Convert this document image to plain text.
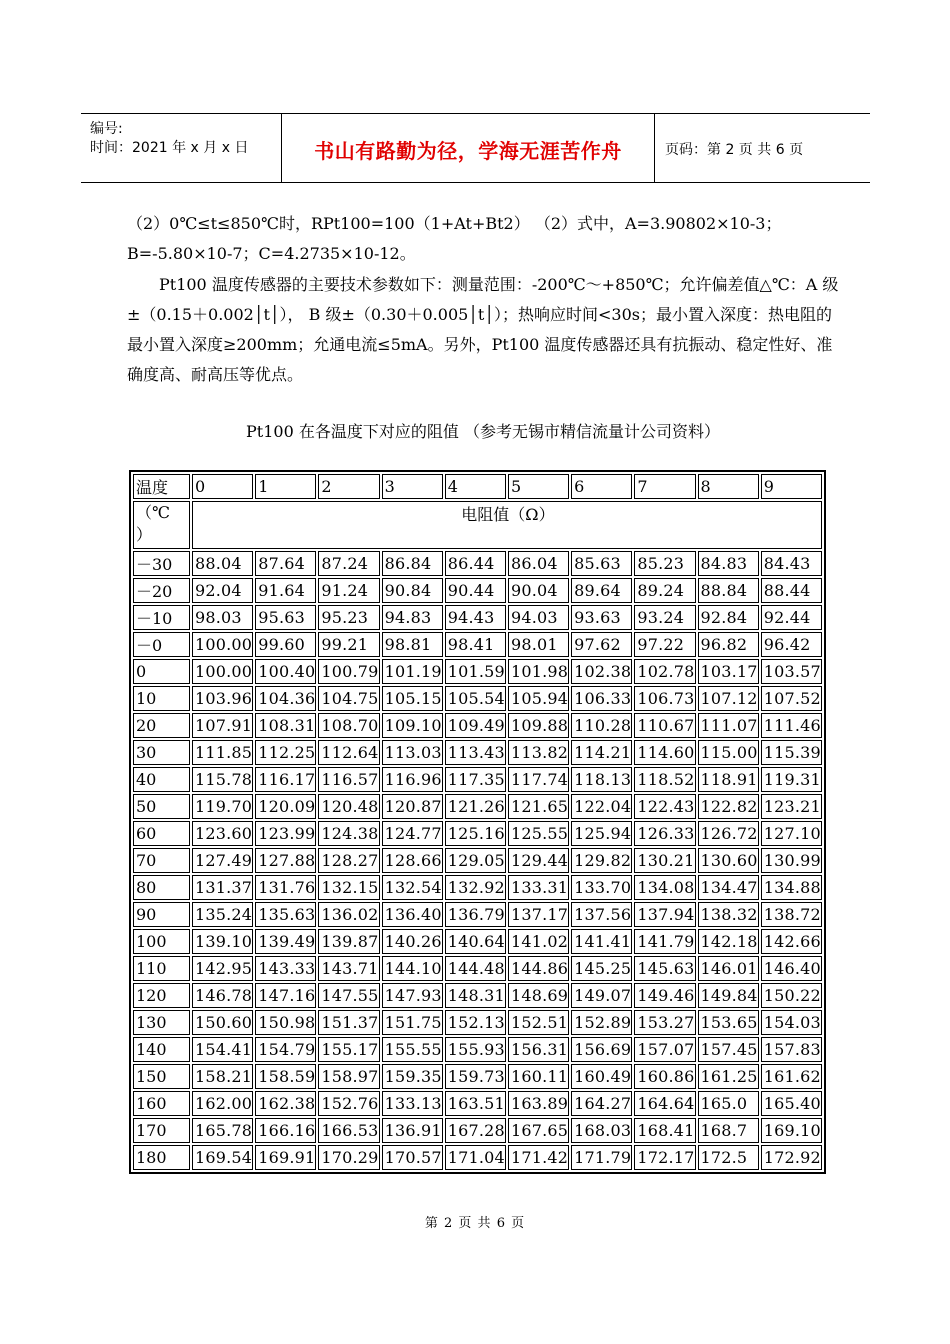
编号:
时间：2021 年 x 月 x 日	书山有路勤为径，学海无涯苦作舟	页码：第 2 页 共 6 页
（2）0℃≤t≤850℃时，RPt100=100（1+At+Bt2） （2）式中，A=3.90802×10-3；B=-5.80×10-7；C=4.2735×10-12。
Pt100 温度传感器的主要技术参数如下：测量范围：-200℃～+850℃；允许偏差值△℃：A 级±（0.15＋0.002│t│）， B 级±（0.30＋0.005│t│）；热响应时间<30s；最小置入深度：热电阻的最小置入深度≥200mm；允通电流≤5mA。另外，Pt100 温度传感器还具有抗振动、稳定性好、准确度高、耐高压等优点。
Pt100 在各温度下对应的阻值 （参考无锡市精信流量计公司资料）
温度	0	1	2	3	4	5	6	7	8	9
（℃
）	电阻值（Ω）									
－30	88.04	87.64	87.24	86.84	86.44	86.04	85.63	85.23	84.83	84.43
－20	92.04	91.64	91.24	90.84	90.44	90.04	89.64	89.24	88.84	88.44
－10	98.03	95.63	95.23	94.83	94.43	94.03	93.63	93.24	92.84	92.44
－0	100.00	99.60	99.21	98.81	98.41	98.01	97.62	97.22	96.82	96.42
0	100.00	100.40	100.79	101.19	101.59	101.98	102.38	102.78	103.17	103.57
10	103.96	104.36	104.75	105.15	105.54	105.94	106.33	106.73	107.12	107.52
20	107.91	108.31	108.70	109.10	109.49	109.88	110.28	110.67	111.07	111.46
30	111.85	112.25	112.64	113.03	113.43	113.82	114.21	114.60	115.00	115.39
40	115.78	116.17	116.57	116.96	117.35	117.74	118.13	118.52	118.91	119.31
50	119.70	120.09	120.48	120.87	121.26	121.65	122.04	122.43	122.82	123.21
60	123.60	123.99	124.38	124.77	125.16	125.55	125.94	126.33	126.72	127.10
70	127.49	127.88	128.27	128.66	129.05	129.44	129.82	130.21	130.60	130.99
80	131.37	131.76	132.15	132.54	132.92	133.31	133.70	134.08	134.47	134.88
90	135.24	135.63	136.02	136.40	136.79	137.17	137.56	137.94	138.32	138.72
100	139.10	139.49	139.87	140.26	140.64	141.02	141.41	141.79	142.18	142.66
110	142.95	143.33	143.71	144.10	144.48	144.86	145.25	145.63	146.01	146.40
120	146.78	147.16	147.55	147.93	148.31	148.69	149.07	149.46	149.84	150.22
130	150.60	150.98	151.37	151.75	152.13	152.51	152.89	153.27	153.65	154.03
140	154.41	154.79	155.17	155.55	155.93	156.31	156.69	157.07	157.45	157.83
150	158.21	158.59	158.97	159.35	159.73	160.11	160.49	160.86	161.25	161.62
160	162.00	162.38	152.76	133.13	163.51	163.89	164.27	164.64	165.0	165.40
170	165.78	166.16	166.53	136.91	167.28	167.65	168.03	168.41	168.7	169.10
180	169.54	169.91	170.29	170.57	171.04	171.42	171.79	172.17	172.5	172.92
第 2 页 共 6 页
